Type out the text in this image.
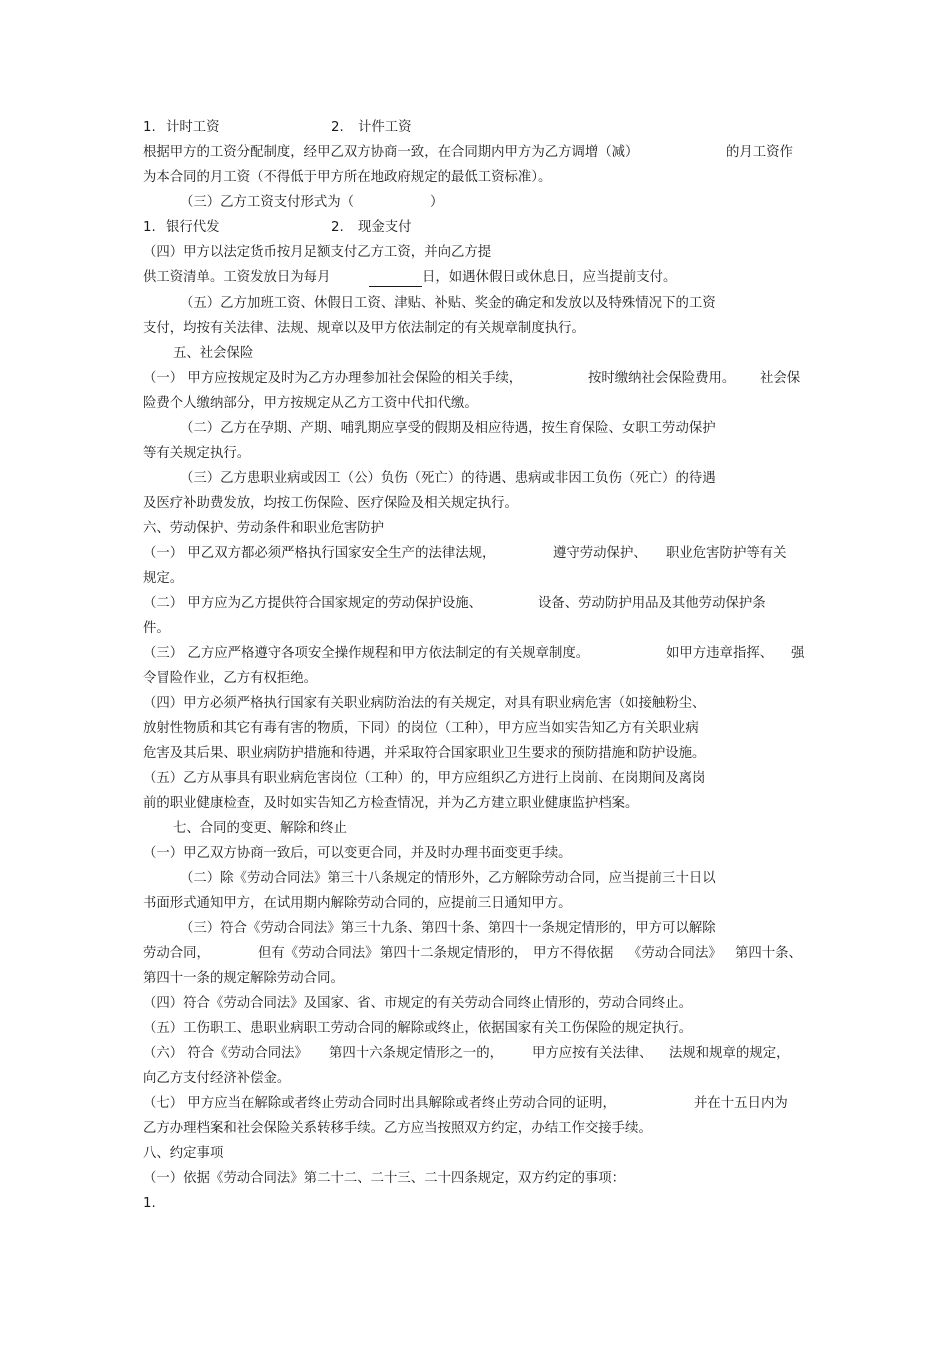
1. 计时工资	2. 计件工资
根据甲方的工资分配制度，经甲乙双方协商一致，在合同期内甲方为乙方调增（减）	的月工资作
为本合同的月工资（不得低于甲方所在地政府规定的最低工资标准）。
（三）乙方工资支付形式为（	）
1. 银行代发	2. 现金支付
（四）甲方以法定货币按月足额支付乙方工资，并向乙方提
供工资清单。工资发放日为每月	日，如遇休假日或休息日，应当提前支付。
（五）乙方加班工资、休假日工资、津贴、补贴、奖金的确定和发放以及特殊情况下的工资
支付，均按有关法律、法规、规章以及甲方依法制定的有关规章制度执行。
五、社会保险
（一） 甲方应按规定及时为乙方办理参加社会保险的相关手续，	按时缴纳社会保险费用。 社会保
险费个人缴纳部分，甲方按规定从乙方工资中代扣代缴。
（二）乙方在孕期、产期、哺乳期应享受的假期及相应待遇，按生育保险、女职工劳动保护
等有关规定执行。
（三）乙方患职业病或因工（公）负伤（死亡）的待遇、患病或非因工负伤（死亡）的待遇
及医疗补助费发放，均按工伤保险、医疗保险及相关规定执行。
六、劳动保护、劳动条件和职业危害防护
（一） 甲乙双方都必须严格执行国家安全生产的法律法规，	遵守劳动保护、 职业危害防护等有关
规定。
（二） 甲方应为乙方提供符合国家规定的劳动保护设施、	设备、劳动防护用品及其他劳动保护条
件。
（三） 乙方应严格遵守各项安全操作规程和甲方依法制定的有关规章制度。	如甲方违章指挥、 强
令冒险作业，乙方有权拒绝。
（四）甲方必须严格执行国家有关职业病防治法的有关规定，对具有职业病危害（如接触粉尘、
放射性物质和其它有毒有害的物质，下同）的岗位（工种），甲方应当如实告知乙方有关职业病
危害及其后果、职业病防护措施和待遇，并采取符合国家职业卫生要求的预防措施和防护设施。
（五）乙方从事具有职业病危害岗位（工种）的，甲方应组织乙方进行上岗前、在岗期间及离岗
前的职业健康检查，及时如实告知乙方检查情况，并为乙方建立职业健康监护档案。
七、合同的变更、解除和终止
（一）甲乙双方协商一致后，可以变更合同，并及时办理书面变更手续。
（二）除《劳动合同法》第三十八条规定的情形外，乙方解除劳动合同，应当提前三十日以
书面形式通知甲方，在试用期内解除劳动合同的，应提前三日通知甲方。
（三）符合《劳动合同法》第三十九条、第四十条、第四十一条规定情形的，甲方可以解除
劳动合同，	但有《劳动合同法》 第四十二条规定情形的， 甲方不得依据 《劳动合同法》 第四十条、
第四十一条的规定解除劳动合同。
（四）符合《劳动合同法》及国家、省、市规定的有关劳动合同终止情形的，劳动合同终止。
（五）工伤职工、患职业病职工劳动合同的解除或终止，依据国家有关工伤保险的规定执行。
（六） 符合《劳动合同法》 第四十六条规定情形之一的， 甲方应按有关法律、 法规和规章的规定，
向乙方支付经济补偿金。
（七） 甲方应当在解除或者终止劳动合同时出具解除或者终止劳动合同的证明，	并在十五日内为
乙方办理档案和社会保险关系转移手续。乙方应当按照双方约定，办结工作交接手续。
八、约定事项
（一）依据《劳动合同法》第二十二、二十三、二十四条规定，双方约定的事项：
1.
